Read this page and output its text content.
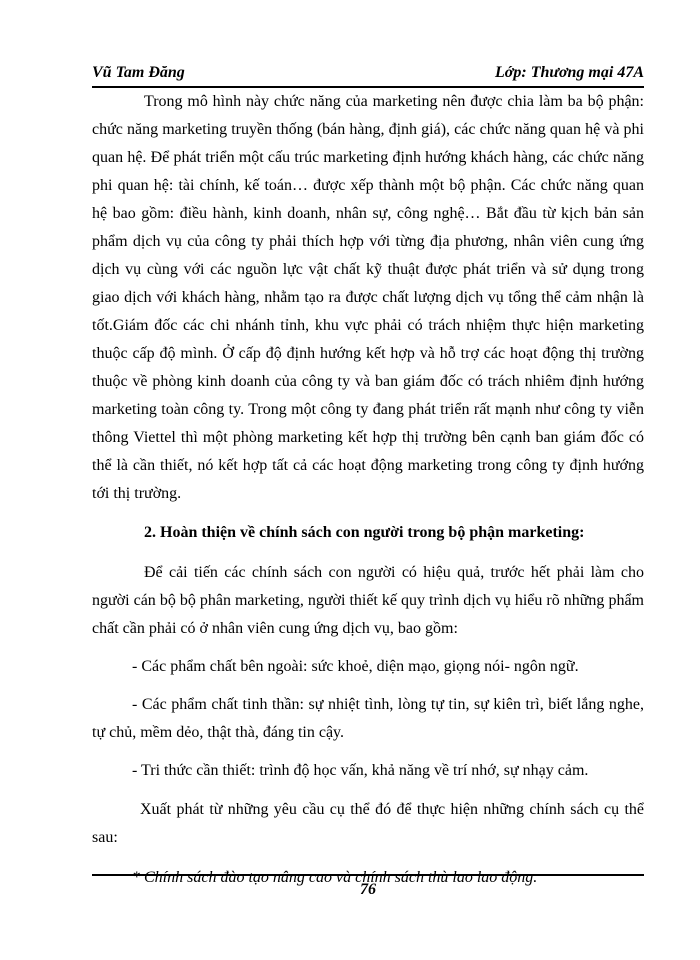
Vũ Tam Đăng	Lớp: Thương mại 47A

Trong mô hình này chức năng của marketing nên được chia làm ba bộ phận: chức năng marketing truyền thống (bán hàng, định giá), các chức năng quan hệ và phi quan hệ. Để phát triển một cấu trúc marketing định hướng khách hàng, các chức năng phi quan hệ: tài chính, kế toán… được xếp thành một bộ phận. Các chức năng quan hệ bao gồm: điều hành, kinh doanh, nhân sự, công nghệ… Bắt đầu từ kịch bản sản phẩm dịch vụ của công ty phải thích hợp với từng địa phương, nhân viên cung ứng dịch vụ cùng với các nguồn lực vật chất kỹ thuật được phát triển và sử dụng trong giao dịch với khách hàng, nhằm tạo ra được chất lượng dịch vụ tổng thể cảm nhận là tốt.Giám đốc các chi nhánh tỉnh, khu vực phải có trách nhiệm thực hiện marketing thuộc cấp độ mình. Ở cấp độ định hướng kết hợp và hỗ trợ các hoạt động thị trường thuộc về phòng kinh doanh của công ty và ban giám đốc có trách nhiêm định hướng marketing toàn công ty. Trong một công ty đang phát triển rất mạnh như công ty viễn thông Viettel thì một phòng marketing kết hợp thị trường bên cạnh ban giám đốc có thể là cần thiết, nó kết hợp tất cả các hoạt động marketing trong công ty định hướng tới thị trường.

2. Hoàn thiện về chính sách con người trong bộ phận marketing:

Để cải tiến các chính sách con người có hiệu quả, trước hết phải làm cho người cán bộ bộ phân marketing, người thiết kế quy trình dịch vụ hiểu rõ những phẩm chất cần phải có ở nhân viên cung ứng dịch vụ, bao gồm:

- Các phẩm chất bên ngoài: sức khoẻ, diện mạo, giọng nói- ngôn ngữ.

- Các phẩm chất tinh thần: sự nhiệt tình, lòng tự tin, sự kiên trì, biết lắng nghe, tự chủ, mềm dẻo, thật thà, đáng tin cậy.

- Tri thức cần thiết: trình độ học vấn, khả năng về trí nhớ, sự nhạy cảm.

Xuất phát từ những yêu cầu cụ thể đó để thực hiện những chính sách cụ thể sau:

* Chính sách đào tạo nâng cao và chính sách thù lao lao động.

76
